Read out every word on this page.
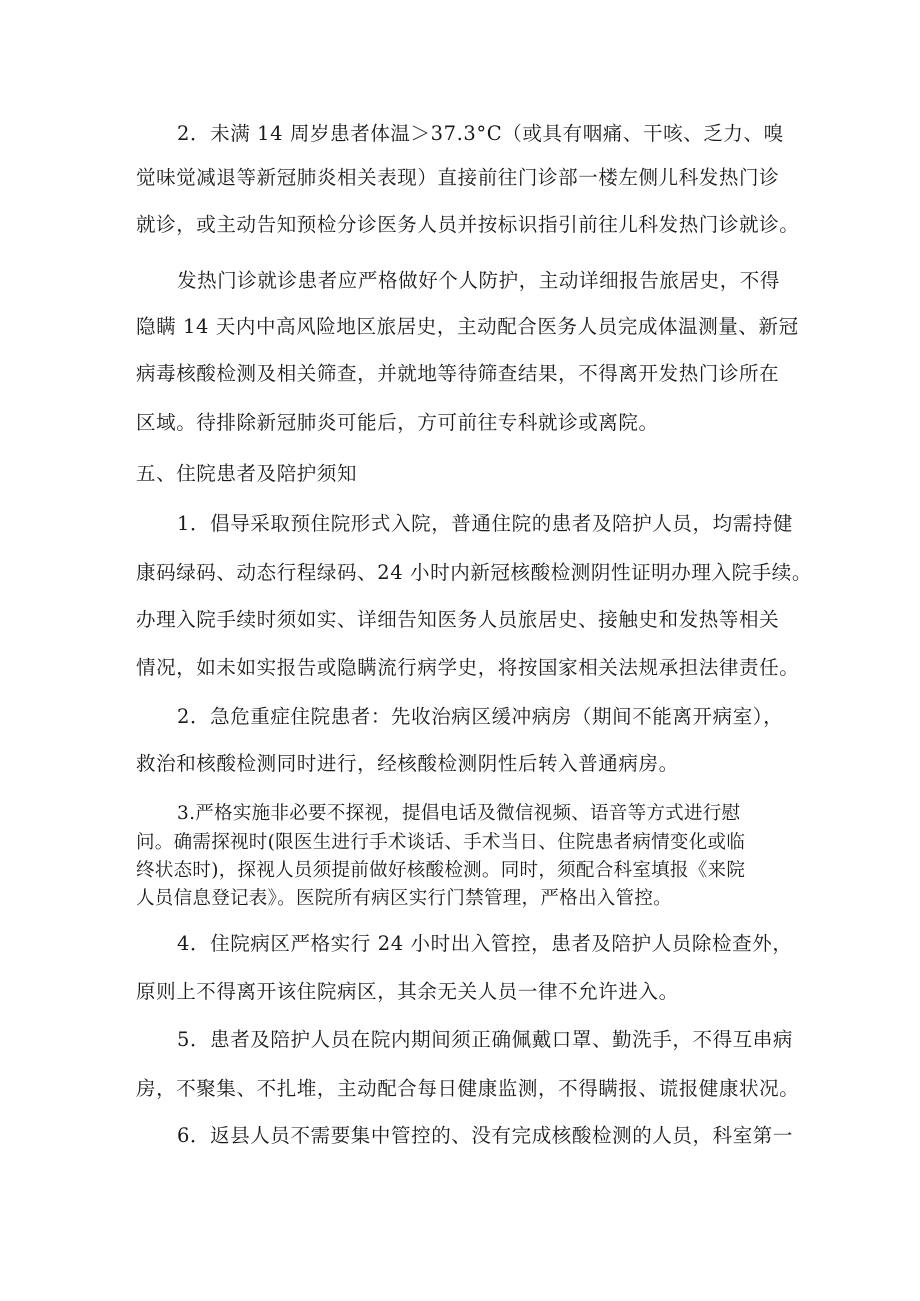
2．未满 14 周岁患者体温＞37.3°C（或具有咽痛、干咳、乏力、嗅
觉味觉减退等新冠肺炎相关表现）直接前往门诊部一楼左侧儿科发热门诊
就诊，或主动告知预检分诊医务人员并按标识指引前往儿科发热门诊就诊。
发热门诊就诊患者应严格做好个人防护，主动详细报告旅居史，不得
隐瞒 14 天内中高风险地区旅居史，主动配合医务人员完成体温测量、新冠
病毒核酸检测及相关筛查，并就地等待筛查结果，不得离开发热门诊所在
区域。待排除新冠肺炎可能后，方可前往专科就诊或离院。
五、住院患者及陪护须知
1．倡导采取预住院形式入院，普通住院的患者及陪护人员，均需持健
康码绿码、动态行程绿码、24 小时内新冠核酸检测阴性证明办理入院手续。
办理入院手续时须如实、详细告知医务人员旅居史、接触史和发热等相关
情况，如未如实报告或隐瞒流行病学史，将按国家相关法规承担法律责任。
2．急危重症住院患者：先收治病区缓冲病房（期间不能离开病室），
救治和核酸检测同时进行，经核酸检测阴性后转入普通病房。
3.严格实施非必要不探视，提倡电话及微信视频、语音等方式进行慰
问。确需探视时(限医生进行手术谈话、手术当日、住院患者病情变化或临
终状态时)，探视人员须提前做好核酸检测。同时，须配合科室填报《来院
人员信息登记表》。医院所有病区实行门禁管理，严格出入管控。
4．住院病区严格实行 24 小时出入管控，患者及陪护人员除检查外，
原则上不得离开该住院病区，其余无关人员一律不允许进入。
5．患者及陪护人员在院内期间须正确佩戴口罩、勤洗手，不得互串病
房，不聚集、不扎堆，主动配合每日健康监测，不得瞒报、谎报健康状况。
6．返县人员不需要集中管控的、没有完成核酸检测的人员，科室第一
